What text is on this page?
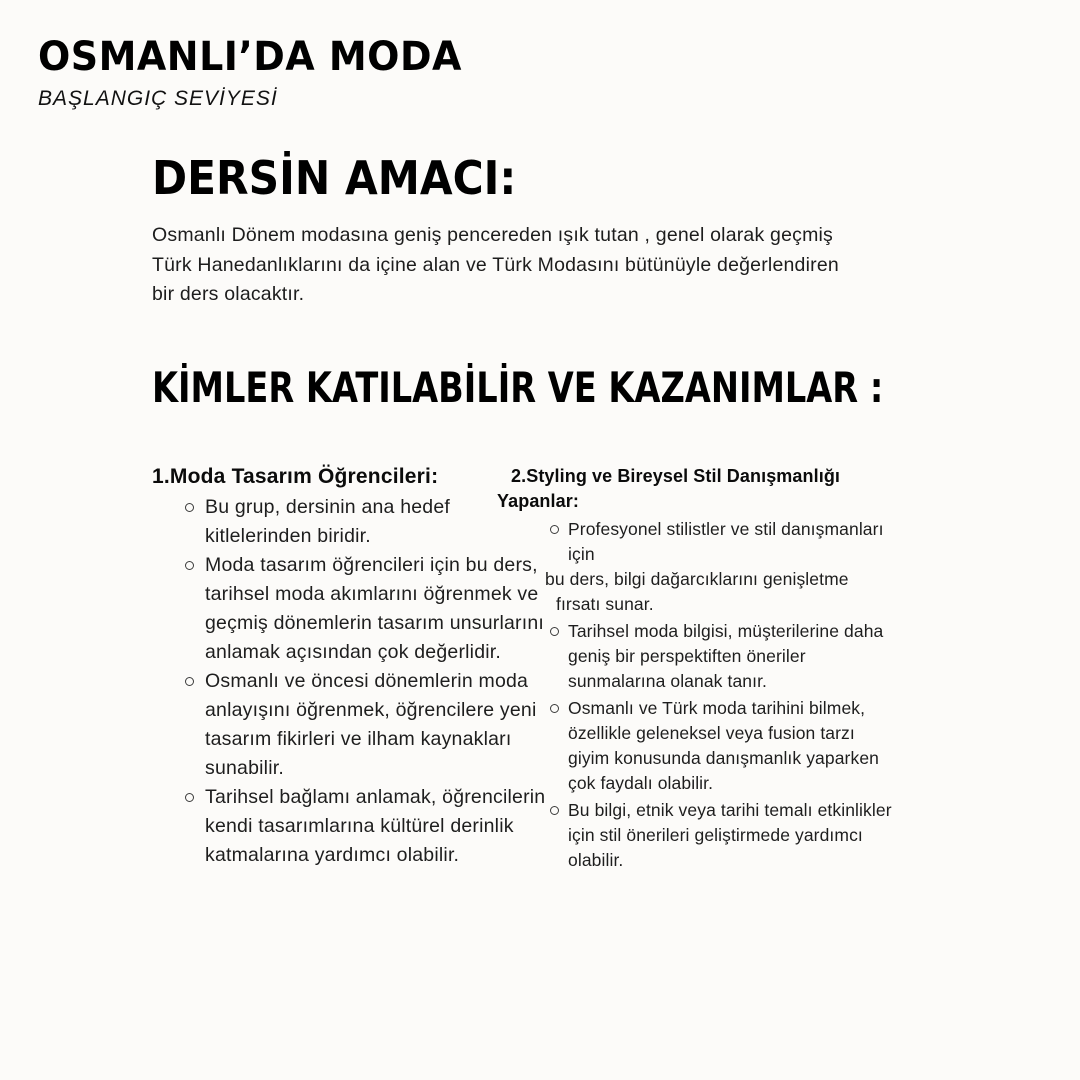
OSMANLI’DA MODA
BAŞLANGIÇ SEVİYESİ
DERSİN AMACI:
Osmanlı Dönem modasına geniş pencereden ışık tutan , genel olarak geçmiş
Türk Hanedanlıklarını da içine alan ve Türk Modasını bütünüyle değerlendiren
bir ders olacaktır.
KİMLER KATILABİLİR VE KAZANIMLAR :
1.Moda Tasarım Öğrencileri:
Bu grup, dersinin ana hedef kitlelerinden biridir.
Moda tasarım öğrencileri için bu ders, tarihsel moda akımlarını öğrenmek ve geçmiş dönemlerin tasarım unsurlarını anlamak açısından çok değerlidir.
Osmanlı ve öncesi dönemlerin moda anlayışını öğrenmek, öğrencilere yeni tasarım fikirleri ve ilham kaynakları sunabilir.
Tarihsel bağlamı anlamak, öğrencilerin kendi tasarımlarına kültürel derinlik katmalarına yardımcı olabilir.
2.Styling ve Bireysel Stil Danışmanlığı
Yapanlar:
Profesyonel stilistler ve stil danışmanları için
bu ders, bilgi dağarcıklarını genişletme
fırsatı sunar.
Tarihsel moda bilgisi, müşterilerine daha geniş bir perspektiften öneriler sunmalarına olanak tanır.
Osmanlı ve Türk moda tarihini bilmek, özellikle geleneksel veya fusion tarzı giyim konusunda danışmanlık yaparken çok faydalı olabilir.
Bu bilgi, etnik veya tarihi temalı etkinlikler için stil önerileri geliştirmede yardımcı olabilir.
